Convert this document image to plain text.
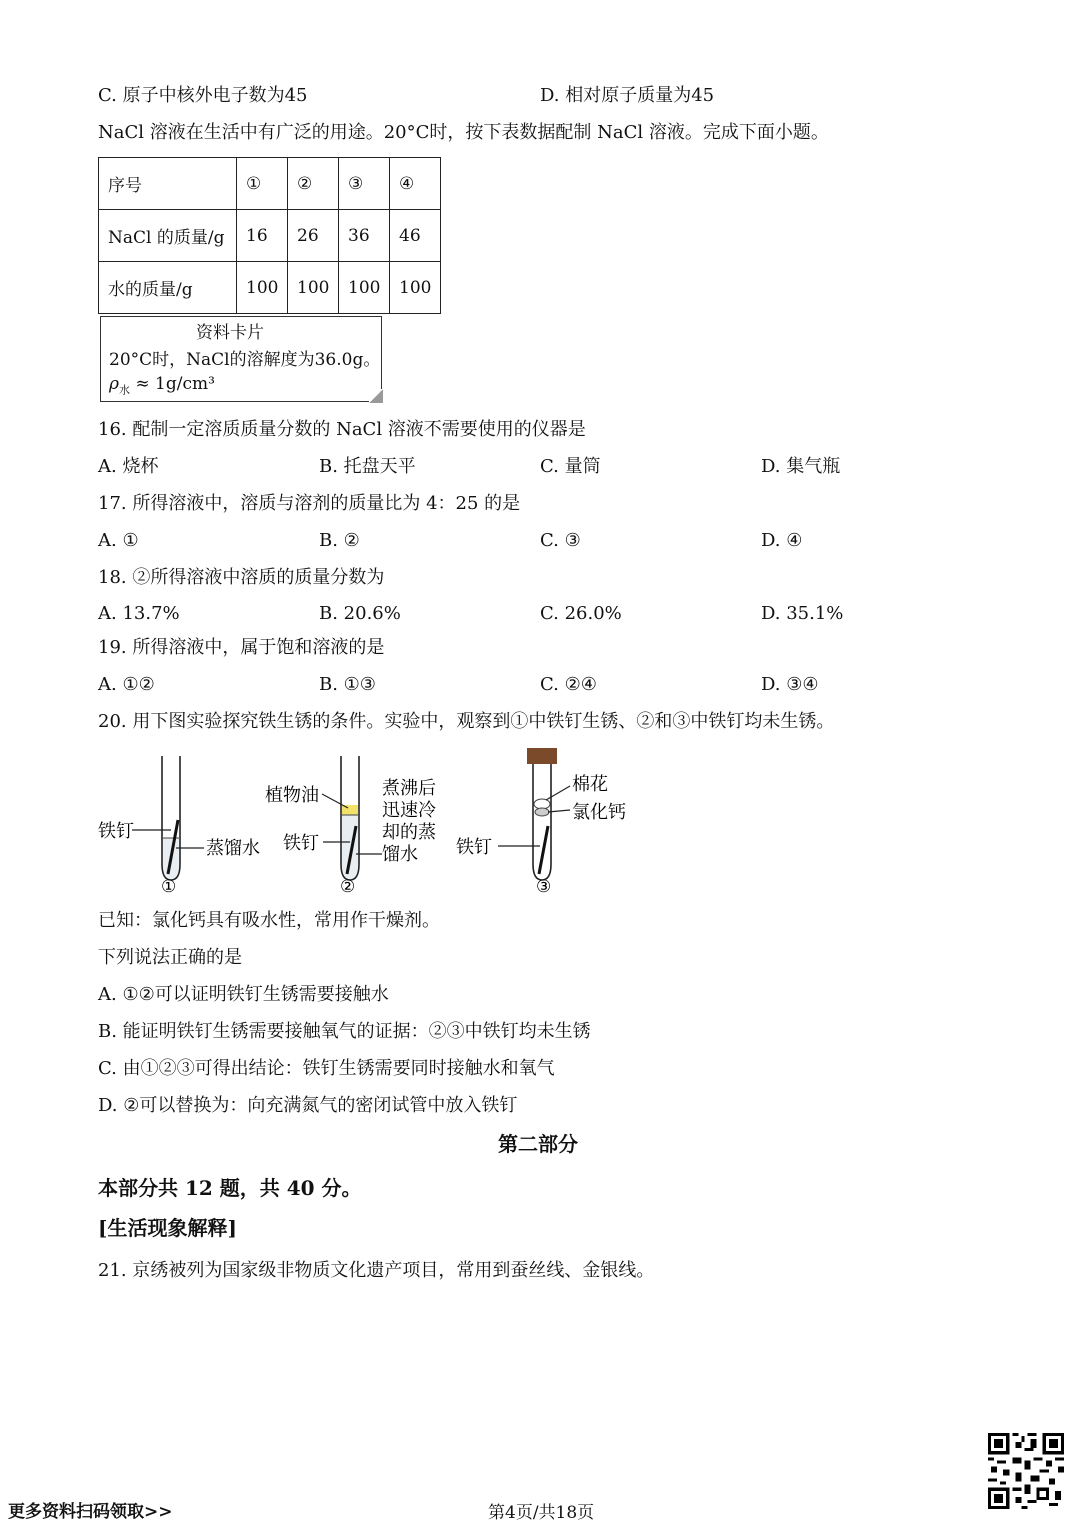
C. 原子中核外电子数为45	D. 相对原子质量为45
NaCl 溶液在生活中有广泛的用途。20°C时，按下表数据配制 NaCl 溶液。完成下面小题。
序号	①	②	③	④
NaCl 的质量/g	16	26	36	46
水的质量/g	100	100	100	100
资料卡片
20°C时，NaCl的溶解度为36.0g。
$\rho_水 \approx 1g/cm^3$
16. 配制一定溶质质量分数的 NaCl 溶液不需要使用的仪器是
A. 烧杯	B. 托盘天平	C. 量筒	D. 集气瓶
17. 所得溶液中，溶质与溶剂的质量比为 4：25 的是
A. ①	B. ②	C. ③	D. ④
18. ②所得溶液中溶质的质量分数为
A. 13.7%	B. 20.6%	C. 26.0%	D. 35.1%
19. 所得溶液中，属于饱和溶液的是
A. ①②	B. ①③	C. ②④	D. ③④
20. 用下图实验探究铁生锈的条件。实验中，观察到①中铁钉生锈、②和③中铁钉均未生锈。
铁钉
蒸馏水
①
植物油	煮沸后
迅速冷
却的蒸
馏水
铁钉
②
棉花
氯化钙
铁钉
③
已知：氯化钙具有吸水性，常用作干燥剂。
下列说法正确的是
A. ①②可以证明铁钉生锈需要接触水
B. 能证明铁钉生锈需要接触氧气的证据：②③中铁钉均未生锈
C. 由①②③可得出结论：铁钉生锈需要同时接触水和氧气
D. ②可以替换为：向充满氮气的密闭试管中放入铁钉
第二部分
本部分共 12 题，共 40 分。
[生活现象解释]
21. 京绣被列为国家级非物质文化遗产项目，常用到蚕丝线、金银线。
更多资料扫码领取>>	第4页/共18页
